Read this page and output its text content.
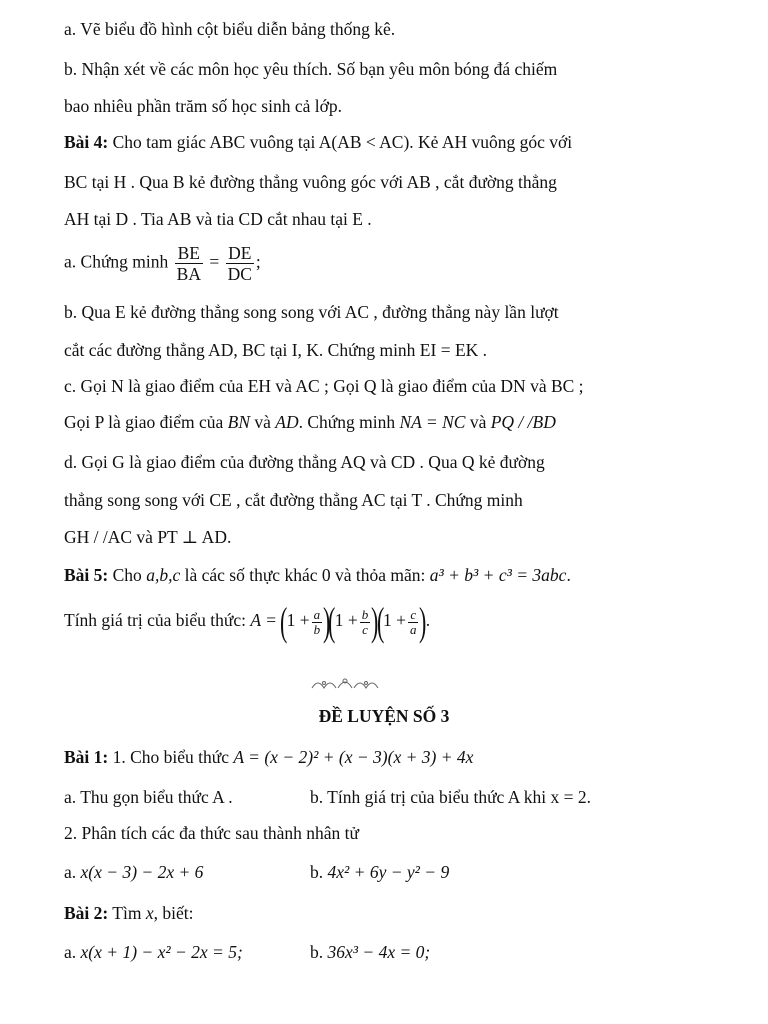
a. Vẽ biểu đồ hình cột biểu diễn bảng thống kê.
b. Nhận xét về các môn học yêu thích. Số bạn yêu môn bóng đá chiếm
bao nhiêu phần trăm số học sinh cả lớp.
Bài 4: Cho tam giác ABC vuông tại A(AB < AC). Kẻ AH vuông góc với
BC tại H . Qua B kẻ đường thẳng vuông góc với AB , cắt đường thẳng
AH tại D . Tia AB và tia CD cắt nhau tại E .
a. Chứng minh $\frac{BE}{BA} = \frac{DE}{DC}$ ;
b. Qua E kẻ đường thẳng song song với AC , đường thẳng này lần lượt
cắt các đường thẳng AD, BC tại I, K. Chứng minh EI = EK .
c. Gọi N là giao điểm của EH và AC ; Gọi Q là giao điểm của DN và BC ;
Gọi P là giao điểm của BN và AD. Chứng minh NA = NC và PQ / /BD
d. Gọi G là giao điểm của đường thẳng AQ và CD . Qua Q kẻ đường
thẳng song song với CE , cắt đường thẳng AC tại T . Chứng minh
GH / /AC và PT ⊥ AD.
Bài 5: Cho a,b,c là các số thực khác 0 và thỏa mãn: a³ + b³ + c³ = 3abc.
Tính giá trị của biểu thức: $A = (1 + \frac{a}{b} )(1 + \frac{b}{c} )(1 + \frac{c}{a}$ ).
ĐỀ LUYỆN SỐ 3
Bài 1: 1. Cho biểu thức A = (x − 2)² + (x − 3)(x + 3) + 4x
a. Thu gọn biểu thức A .	b. Tính giá trị của biểu thức A khi x = 2.
2. Phân tích các đa thức sau thành nhân tử
a. x(x − 3) − 2x + 6	b. 4x² + 6y − y² − 9
Bài 2: Tìm x, biết:
a. x(x + 1) − x² − 2x = 5;	b. 36x³ − 4x = 0;
